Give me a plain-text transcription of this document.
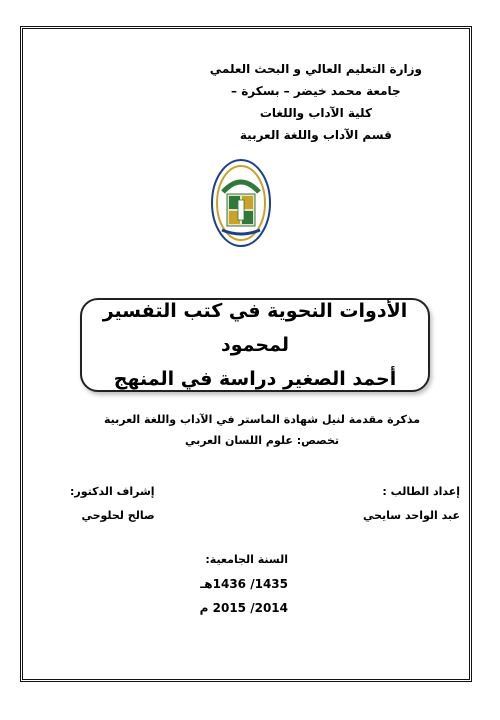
وزارة التعليم العالي و البحث العلمي
جامعة محمد خيضر – بسكرة –
كلية الآداب واللغات
قسم الآداب واللغة العربية
الأدوات النحوية في كتب التفسير لمحمود
أحمد الصغير دراسة في المنهج
مذكرة مقدمة لنيل شهادة الماستر في الآداب واللغة العربية
تخصص: علوم اللسان العربي
إعداد الطالب :
عبد الواحد سايحي
إشراف الدكتور:
صالح لحلوحي
السنة الجامعية:
1435/ 1436هـ
2014/ 2015 م
